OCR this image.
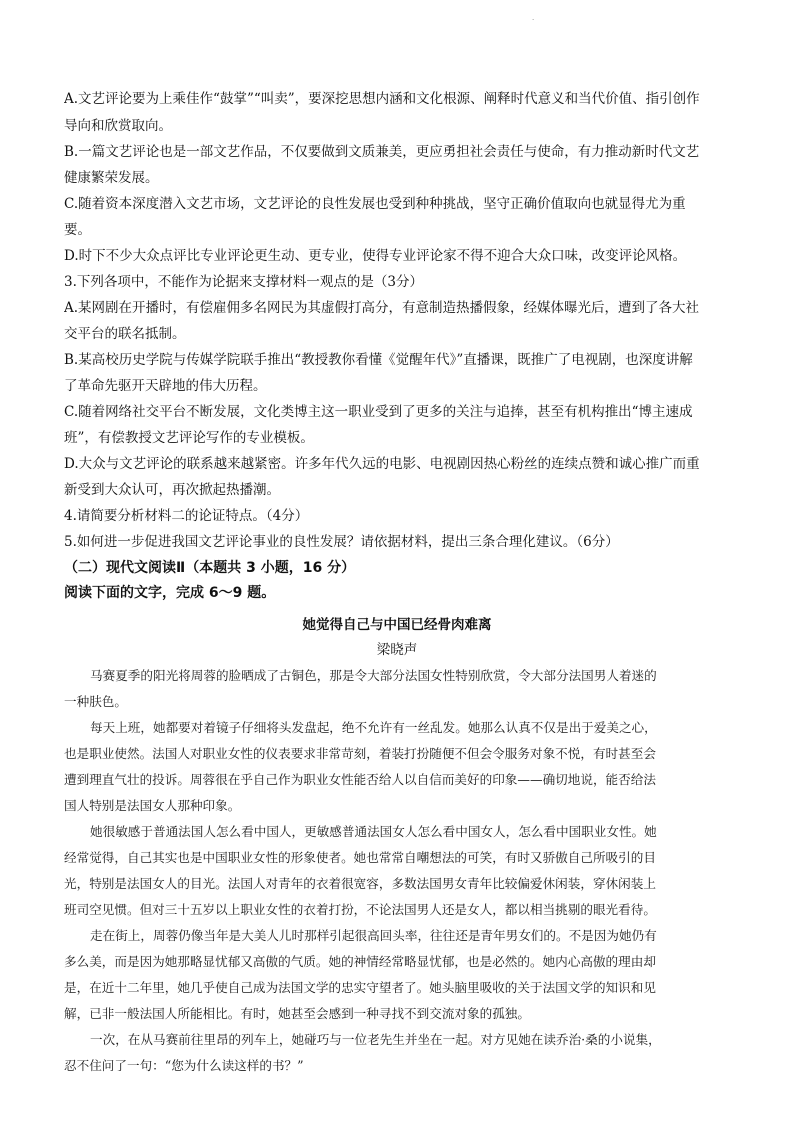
·
A.文艺评论要为上乘佳作“鼓掌”“叫卖”，要深挖思想内涵和文化根源、阐释时代意义和当代价值、指引创作
导向和欣赏取向。
B.一篇文艺评论也是一部文艺作品，不仅要做到文质兼美，更应勇担社会责任与使命，有力推动新时代文艺
健康繁荣发展。
C.随着资本深度潜入文艺市场，文艺评论的良性发展也受到种种挑战，坚守正确价值取向也就显得尤为重
要。
D.时下不少大众点评比专业评论更生动、更专业，使得专业评论家不得不迎合大众口味，改变评论风格。
3.下列各项中，不能作为论据来支撑材料一观点的是（3分）
A.某网剧在开播时，有偿雇佣多名网民为其虚假打高分，有意制造热播假象，经媒体曝光后，遭到了各大社
交平台的联名抵制。
B.某高校历史学院与传媒学院联手推出“教授教你看懂《觉醒年代》”直播课，既推广了电视剧，也深度讲解
了革命先驱开天辟地的伟大历程。
C.随着网络社交平台不断发展，文化类博主这一职业受到了更多的关注与追捧，甚至有机构推出“博主速成
班”，有偿教授文艺评论写作的专业模板。
D.大众与文艺评论的联系越来越紧密。许多年代久远的电影、电视剧因热心粉丝的连续点赞和诚心推广而重
新受到大众认可，再次掀起热播潮。
4.请简要分析材料二的论证特点。（4分）
5.如何进一步促进我国文艺评论事业的良性发展？请依据材料，提出三条合理化建议。（6分）
（二）现代文阅读Ⅱ（本题共 3 小题，16 分）
阅读下面的文字，完成 6～9 题。
她觉得自己与中国已经骨肉难离
梁晓声
马赛夏季的阳光将周蓉的脸晒成了古铜色，那是令大部分法国女性特别欣赏，令大部分法国男人着迷的
一种肤色。
每天上班，她都要对着镜子仔细将头发盘起，绝不允许有一丝乱发。她那么认真不仅是出于爱美之心，
也是职业使然。法国人对职业女性的仪表要求非常苛刻，着装打扮随便不但会令服务对象不悦，有时甚至会
遭到理直气壮的投诉。周蓉很在乎自己作为职业女性能否给人以自信而美好的印象——确切地说，能否给法
国人特别是法国女人那种印象。
她很敏感于普通法国人怎么看中国人，更敏感普通法国女人怎么看中国女人，怎么看中国职业女性。她
经常觉得，自己其实也是中国职业女性的形象使者。她也常常自嘲想法的可笑，有时又骄傲自己所吸引的目
光，特别是法国女人的目光。法国人对青年的衣着很宽容，多数法国男女青年比较偏爱休闲装，穿休闲装上
班司空见惯。但对三十五岁以上职业女性的衣着打扮，不论法国男人还是女人，都以相当挑剔的眼光看待。
走在街上，周蓉仍像当年是大美人儿时那样引起很高回头率，往往还是青年男女们的。不是因为她仍有
多么美，而是因为她那略显忧郁又高傲的气质。她的神情经常略显忧郁，也是必然的。她内心高傲的理由却
是，在近十二年里，她几乎使自己成为法国文学的忠实守望者了。她头脑里吸收的关于法国文学的知识和见
解，已非一般法国人所能相比。有时，她甚至会感到一种寻找不到交流对象的孤独。
一次，在从马赛前往里昂的列车上，她碰巧与一位老先生并坐在一起。对方见她在读乔治·桑的小说集，
忍不住问了一句：“您为什么读这样的书？”
